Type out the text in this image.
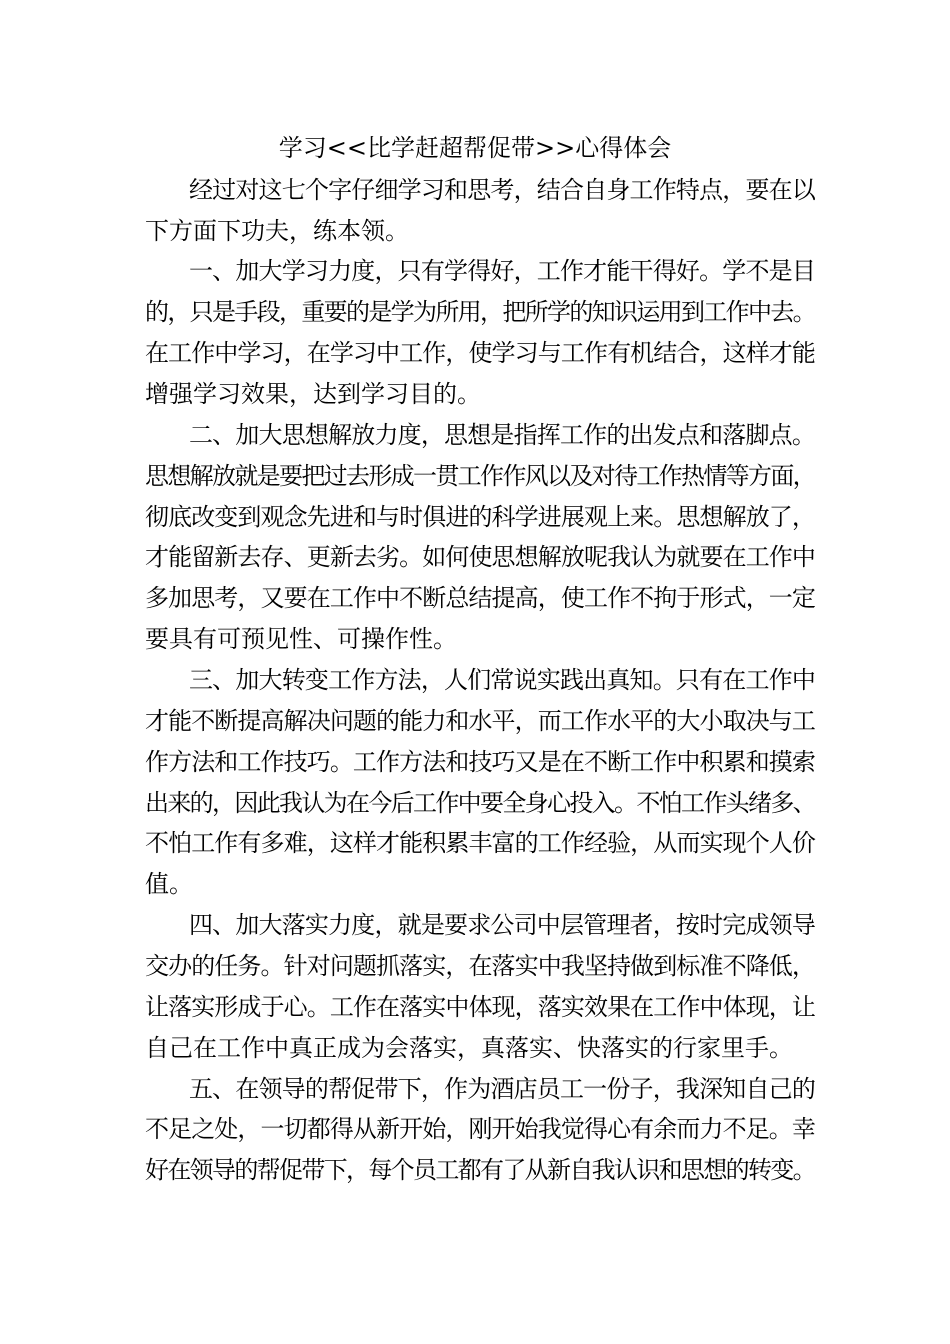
学习<<比学赶超帮促带>>心得体会

经过对这七个字仔细学习和思考，结合自身工作特点，要在以

下方面下功夫，练本领。

一、加大学习力度，只有学得好，工作才能干得好。学不是目

的，只是手段，重要的是学为所用，把所学的知识运用到工作中去。

在工作中学习，在学习中工作，使学习与工作有机结合，这样才能

增强学习效果，达到学习目的。

二、加大思想解放力度，思想是指挥工作的出发点和落脚点。

思想解放就是要把过去形成一贯工作作风以及对待工作热情等方面，

彻底改变到观念先进和与时俱进的科学进展观上来。思想解放了，

才能留新去存、更新去劣。如何使思想解放呢我认为就要在工作中

多加思考，又要在工作中不断总结提高，使工作不拘于形式，一定

要具有可预见性、可操作性。

三、加大转变工作方法，人们常说实践出真知。只有在工作中

才能不断提高解决问题的能力和水平，而工作水平的大小取决与工

作方法和工作技巧。工作方法和技巧又是在不断工作中积累和摸索

出来的，因此我认为在今后工作中要全身心投入。不怕工作头绪多、

不怕工作有多难，这样才能积累丰富的工作经验，从而实现个人价

值。

四、加大落实力度，就是要求公司中层管理者，按时完成领导

交办的任务。针对问题抓落实，在落实中我坚持做到标准不降低，

让落实形成于心。工作在落实中体现，落实效果在工作中体现，让

自己在工作中真正成为会落实，真落实、快落实的行家里手。

五、在领导的帮促带下，作为酒店员工一份子，我深知自己的

不足之处，一切都得从新开始，刚开始我觉得心有余而力不足。幸

好在领导的帮促带下，每个员工都有了从新自我认识和思想的转变。
